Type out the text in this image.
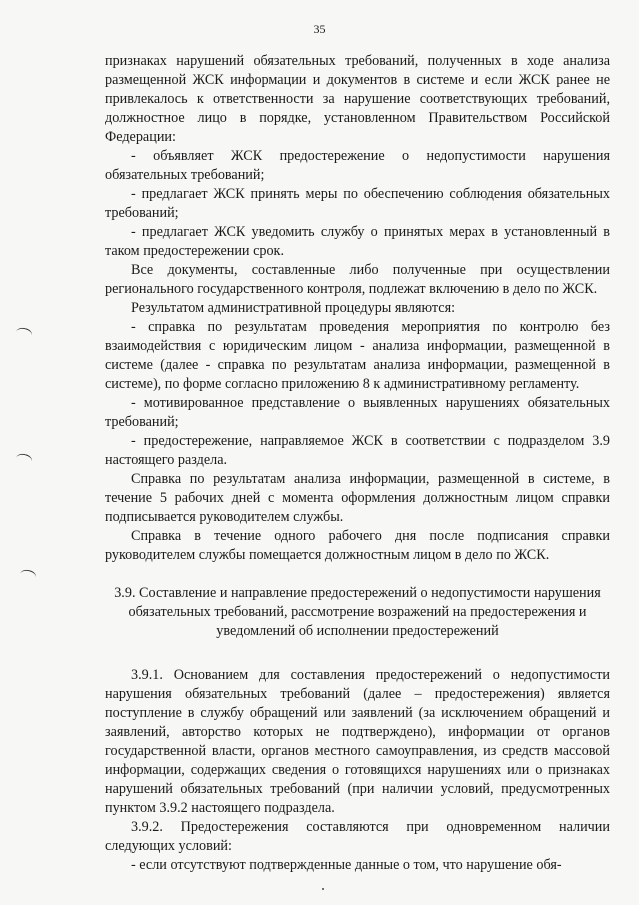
35

признаках нарушений обязательных требований, полученных в ходе анализа размещенной ЖСК информации и документов в системе и если ЖСК ранее не привлекалось к ответственности за нарушение соответствующих требований, должностное лицо в порядке, установленном Правительством Российской Федерации:

- объявляет ЖСК предостережение о недопустимости нарушения обязательных требований;

- предлагает ЖСК принять меры по обеспечению соблюдения обязательных требований;

- предлагает ЖСК уведомить службу о принятых мерах в установленный в таком предостережении срок.

Все документы, составленные либо полученные при осуществлении регионального государственного контроля, подлежат включению в дело по ЖСК.

Результатом административной процедуры являются:

- справка по результатам проведения мероприятия по контролю без взаимодействия с юридическим лицом - анализа информации, размещенной в системе (далее - справка по результатам анализа информации, размещенной в системе), по форме согласно приложению 8 к административному регламенту.

- мотивированное представление о выявленных нарушениях обязательных требований;

- предостережение, направляемое ЖСК в соответствии с подразделом 3.9 настоящего раздела.

Справка по результатам анализа информации, размещенной в системе, в течение 5 рабочих дней с момента оформления должностным лицом справки подписывается руководителем службы.

Справка в течение одного рабочего дня после подписания справки руководителем службы помещается должностным лицом в дело по ЖСК.

3.9. Составление и направление предостережений о недопустимости нарушения обязательных требований, рассмотрение возражений на предостережения и уведомлений об исполнении предостережений

3.9.1. Основанием для составления предостережений о недопустимости нарушения обязательных требований (далее – предостережения) является поступление в службу обращений или заявлений (за исключением обращений и заявлений, авторство которых не подтверждено), информации от органов государственной власти, органов местного самоуправления, из средств массовой информации, содержащих сведения о готовящихся нарушениях или о признаках нарушений обязательных требований (при наличии условий, предусмотренных пунктом 3.9.2 настоящего подраздела.

3.9.2. Предостережения составляются при одновременном наличии следующих условий:

- если отсутствуют подтвержденные данные о том, что нарушение обя-
